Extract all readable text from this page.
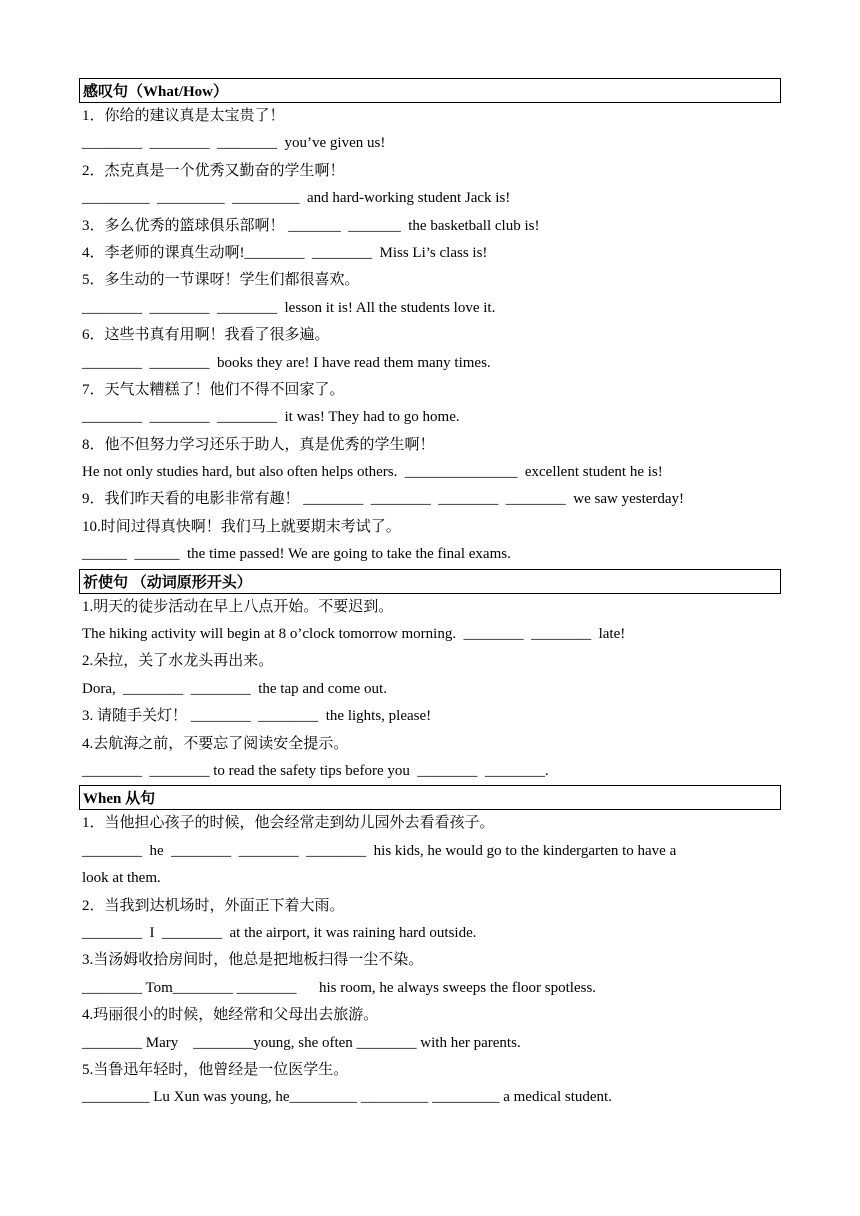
感叹句（What/How）
1．你给的建议真是太宝贵了！
________  ________  ________  you’ve given us!
2．杰克真是一个优秀又勤奋的学生啊！
_________  _________  _________  and hard-working student Jack is!
3．多么优秀的篮球俱乐部啊！ _______  _______  the basketball club is!
4．李老师的课真生动啊!________  ________  Miss Li’s class is!
5．多生动的一节课呀！学生们都很喜欢。
________  ________  ________  lesson it is! All the students love it.
6．这些书真有用啊！我看了很多遍。
________  ________  books they are! I have read them many times.
7．天气太糟糕了！他们不得不回家了。
________  ________  ________  it was! They had to go home.
8．他不但努力学习还乐于助人，真是优秀的学生啊！
He not only studies hard, but also often helps others.  _______________  excellent student he is!
9．我们昨天看的电影非常有趣！ ________  ________  ________  ________  we saw yesterday!
10.时间过得真快啊！我们马上就要期末考试了。
______  ______  the time passed! We are going to take the final exams.
祈使句 （动词原形开头）
1.明天的徒步活动在早上八点开始。不要迟到。
The hiking activity will begin at 8 o’clock tomorrow morning.  ________  ________  late!
2.朵拉，关了水龙头再出来。
Dora,  ________  ________  the tap and come out.
3. 请随手关灯！ ________  ________  the lights, please!
4.去航海之前，不要忘了阅读安全提示。
________  ________ to read the safety tips before you  ________  ________.
When 从句
1．当他担心孩子的时候，他会经常走到幼儿园外去看看孩子。
________  he  ________  ________  ________  his kids, he would go to the kindergarten to have a
look at them.
2．当我到达机场时，外面正下着大雨。
________  I  ________  at the airport, it was raining hard outside.
3.当汤姆收拾房间时，他总是把地板扫得一尘不染。
________ Tom________ ________      his room, he always sweeps the floor spotless.
4.玛丽很小的时候，她经常和父母出去旅游。
________ Mary    ________young, she often ________ with her parents.
5.当鲁迅年轻时，他曾经是一位医学生。
_________ Lu Xun was young, he_________ _________ _________ a medical student.
